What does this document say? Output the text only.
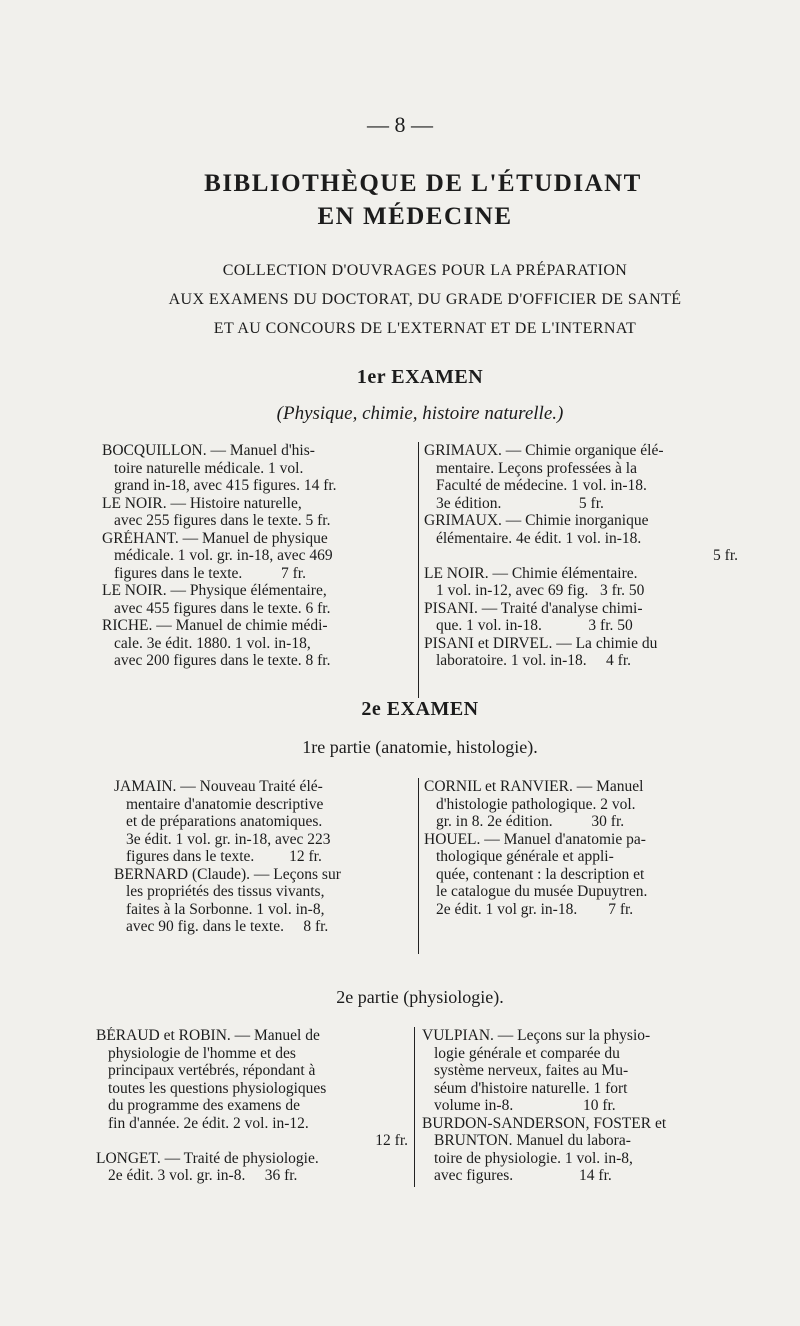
— 8 —
BIBLIOTHÈQUE DE L'ÉTUDIANT
EN MÉDECINE
COLLECTION D'OUVRAGES POUR LA PRÉPARATION
AUX EXAMENS DU DOCTORAT, DU GRADE D'OFFICIER DE SANTÉ
ET AU CONCOURS DE L'EXTERNAT ET DE L'INTERNAT
1er EXAMEN
(Physique, chimie, histoire naturelle.)
BOCQUILLON. — Manuel d'his-
toire naturelle médicale. 1 vol.
grand in-18, avec 415 figures. 14 fr.
LE NOIR. — Histoire naturelle,
avec 255 figures dans le texte. 5 fr.
GRÉHANT. — Manuel de physique
médicale. 1 vol. gr. in-18, avec 469
figures dans le texte.          7 fr.
LE NOIR. — Physique élémentaire,
avec 455 figures dans le texte. 6 fr.
RICHE. — Manuel de chimie médi-
cale. 3e édit. 1880. 1 vol. in-18,
avec 200 figures dans le texte. 8 fr.
GRIMAUX. — Chimie organique élé-
mentaire. Leçons professées à la
Faculté de médecine. 1 vol. in-18.
3e édition.                    5 fr.
GRIMAUX. — Chimie inorganique
élémentaire. 4e édit. 1 vol. in-18.
5 fr.
LE NOIR. — Chimie élémentaire.
1 vol. in-12, avec 69 fig.   3 fr. 50
PISANI. — Traité d'analyse chimi-
que. 1 vol. in-18.            3 fr. 50
PISANI et DIRVEL. — La chimie du
laboratoire. 1 vol. in-18.     4 fr.
2e EXAMEN
1re partie (anatomie, histologie).
JAMAIN. — Nouveau Traité élé-
mentaire d'anatomie descriptive
et de préparations anatomiques.
3e édit. 1 vol. gr. in-18, avec 223
figures dans le texte.         12 fr.
BERNARD (Claude). — Leçons sur
les propriétés des tissus vivants,
faites à la Sorbonne. 1 vol. in-8,
avec 90 fig. dans le texte.     8 fr.
CORNIL et RANVIER. — Manuel
d'histologie pathologique. 2 vol.
gr. in 8. 2e édition.          30 fr.
HOUEL. — Manuel d'anatomie pa-
thologique générale et appli-
quée, contenant : la description et
le catalogue du musée Dupuytren.
2e édit. 1 vol gr. in-18.        7 fr.
2e partie (physiologie).
BÉRAUD et ROBIN. — Manuel de
physiologie de l'homme et des
principaux vertébrés, répondant à
toutes les questions physiologiques
du programme des examens de
fin d'année. 2e édit. 2 vol. in-12.
12 fr.
LONGET. — Traité de physiologie.
2e édit. 3 vol. gr. in-8.     36 fr.
VULPIAN. — Leçons sur la physio-
logie générale et comparée du
système nerveux, faites au Mu-
séum d'histoire naturelle. 1 fort
volume in-8.                  10 fr.
BURDON-SANDERSON, FOSTER et
BRUNTON. Manuel du labora-
toire de physiologie. 1 vol. in-8,
avec figures.                 14 fr.
